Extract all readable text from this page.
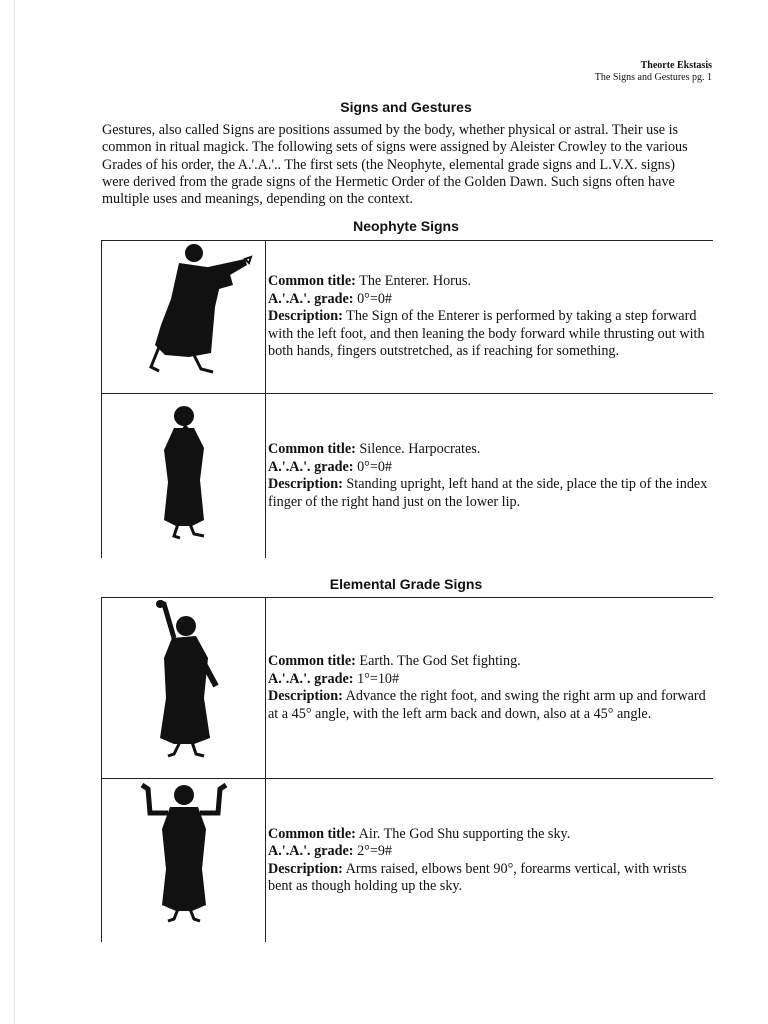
Theorte Ekstasis
The Signs and Gestures pg. 1
Signs and Gestures
Gestures, also called Signs are positions assumed by the body, whether physical or astral. Their use is common in ritual magick. The following sets of signs were assigned by Aleister Crowley to the various Grades of his order, the A.'.A.'.. The first sets (the Neophyte, elemental grade signs and L.V.X. signs) were derived from the grade signs of the Hermetic Order of the Golden Dawn. Such signs often have multiple uses and meanings, depending on the context.
Neophyte Signs

Common title: The Enterer. Horus.

A.'.A.'. grade: 0°=0#

Description: The Sign of the Enterer is performed by taking a step forward with the left foot, and then leaning the body forward while thrusting out with both hands, fingers outstretched, as if reaching for something.

Common title: Silence. Harpocrates.

A.'.A.'. grade: 0°=0#

Description: Standing upright, left hand at the side, place the tip of the index finger of the right hand just on the lower lip.

Elemental Grade Signs

Common title: Earth. The God Set fighting.

A.'.A.'. grade: 1°=10#

Description: Advance the right foot, and swing the right arm up and forward at a 45° angle, with the left arm back and down, also at a 45° angle.

Common title: Air. The God Shu supporting the sky.

A.'.A.'. grade: 2°=9#

Description: Arms raised, elbows bent 90°, forearms vertical, with wrists bent as though holding up the sky.
